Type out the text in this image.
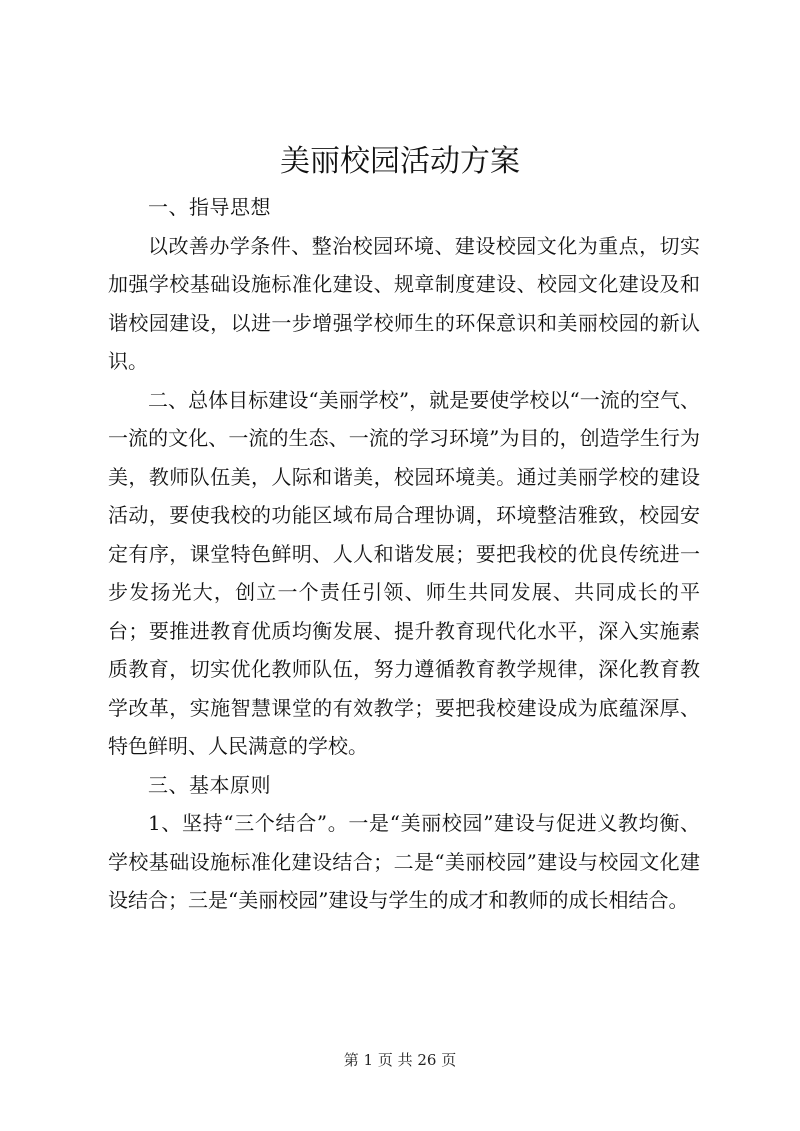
美丽校园活动方案

一、指导思想

以改善办学条件、整治校园环境、建设校园文化为重点，切实加强学校基础设施标准化建设、规章制度建设、校园文化建设及和谐校园建设，以进一步增强学校师生的环保意识和美丽校园的新认识。

二、总体目标建设“美丽学校”，就是要使学校以“一流的空气、一流的文化、一流的生态、一流的学习环境”为目的，创造学生行为美，教师队伍美，人际和谐美，校园环境美。通过美丽学校的建设活动，要使我校的功能区域布局合理协调，环境整洁雅致，校园安定有序，课堂特色鲜明、人人和谐发展；要把我校的优良传统进一步发扬光大，创立一个责任引领、师生共同发展、共同成长的平台；要推进教育优质均衡发展、提升教育现代化水平，深入实施素质教育，切实优化教师队伍，努力遵循教育教学规律，深化教育教学改革，实施智慧课堂的有效教学；要把我校建设成为底蕴深厚、特色鲜明、人民满意的学校。

三、基本原则

1、坚持“三个结合”。一是“美丽校园”建设与促进义教均衡、学校基础设施标准化建设结合；二是“美丽校园”建设与校园文化建设结合；三是“美丽校园”建设与学生的成才和教师的成长相结合。

第 1 页 共 26 页
